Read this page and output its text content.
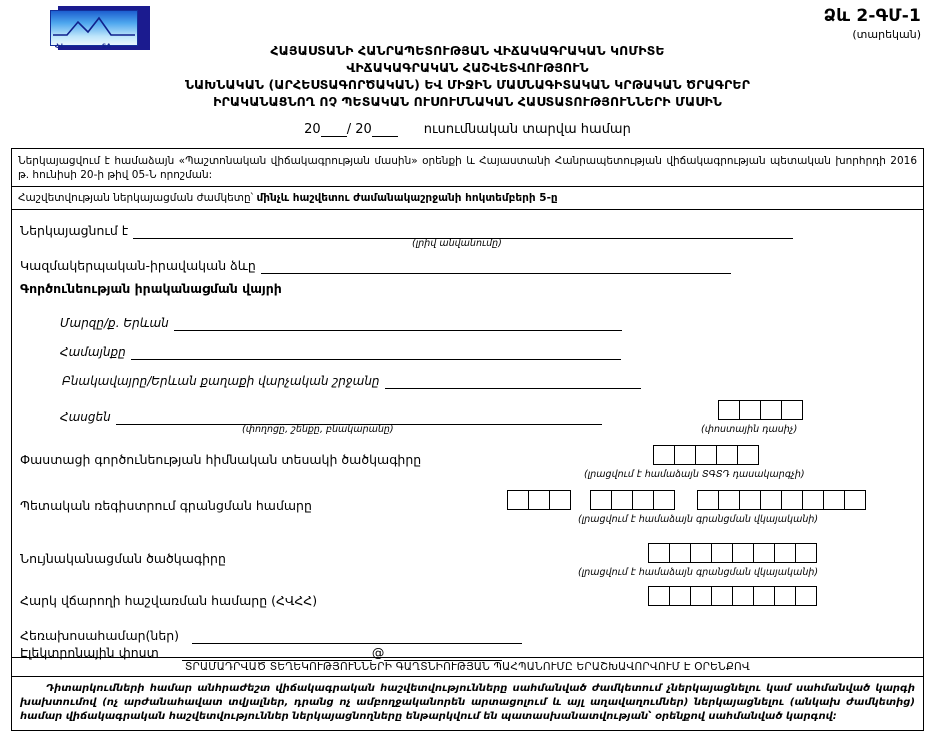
ՀՎ	SA
Ձև 2-ԳՄ-1
(տարեկան)
ՀԱՅԱՍՏԱՆԻ ՀԱՆՐԱՊԵՏՈՒԹՅԱՆ ՎԻՃԱԿԱԳՐԱԿԱՆ ԿՈՄԻՏԵ
ՎԻՃԱԿԱԳՐԱԿԱՆ ՀԱՇՎԵՏՎՈՒԹՅՈՒՆ
ՆԱԽՆԱԿԱՆ (ԱՐՀԵՍՏԱԳՈՐԾԱԿԱՆ) ԵՎ ՄԻՋԻՆ ՄԱՍՆԱԳԻՏԱԿԱՆ ԿՐԹԱԿԱՆ ԾՐԱԳՐԵՐ
ԻՐԱԿԱՆԱՑՆՈՂ ՈՉ ՊԵՏԱԿԱՆ ՈՒՍՈՒՄՆԱԿԱՆ ՀԱՍՏԱՏՈՒԹՅՈՒՆՆԵՐԻ ՄԱՍԻՆ
20 / 20	ուսումնական տարվա համար
Ներկայացվում է համաձայն «Պաշտոնական վիճակագրության մասին» օրենքի և Հայաստանի Հանրապետության վիճակագրության պետական խորհրդի 2016 թ. հունիսի 20-ի թիվ 05-Ն որոշման:
Հաշվետվության ներկայացման ժամկետը՝ մինչև հաշվետու ժամանակաշրջանի հոկտեմբերի 5-ը
Ներկայացնում է
(լրիվ անվանումը)
Կազմակերպական-իրավական ձևը
Գործունեության իրականացման վայրի
Մարզը/ք. Երևան
Համայնքը
Բնակավայրը/Երևան քաղաքի վարչական շրջանը
Հասցեն
(փողոցը, շենքը, բնակարանը)	(փոստային դասիչ)
Փաստացի գործունեության հիմնական տեսակի ծածկագիրը
(լրացվում է համաձայն ՏԳՏԴ դասակարգչի)
Պետական ռեգիստրում գրանցման համարը
(լրացվում է համաձայն գրանցման վկայականի)
Նույնականացման ծածկագիրը
(լրացվում է համաձայն գրանցման վկայականի)
Հարկ վճարողի հաշվառման համարը (ՀՎՀՀ)
Հեռախոսահամար(ներ)
Էլեկտրոնային փոստ	@
ՏՐԱՄԱԴՐՎԱԾ ՏԵՂԵԿՈՒԹՅՈՒՆՆԵՐԻ ԳԱՂՏՆԻՈՒԹՅԱՆ ՊԱՀՊԱՆՈՒՄԸ ԵՐԱՇԽԱՎՈՐՎՈՒՄ Է ՕՐԵՆՔՈՎ
Դիտարկումների համար անհրաժեշտ վիճակագրական հաշվետվությունները սահմանված ժամկետում չներկայացնելու կամ սահմանված կարգի խախտումով (ոչ արժանահավատ տվյալներ, դրանց ոչ ամբողջականորեն արտացոլում և այլ աղավաղումներ) ներկայացնելու (անկախ ժամկետից) համար վիճակագրական հաշվետվություններ ներկայացնողները ենթարկվում են պատասխանատվության՝ օրենքով սահմանված կարգով:
